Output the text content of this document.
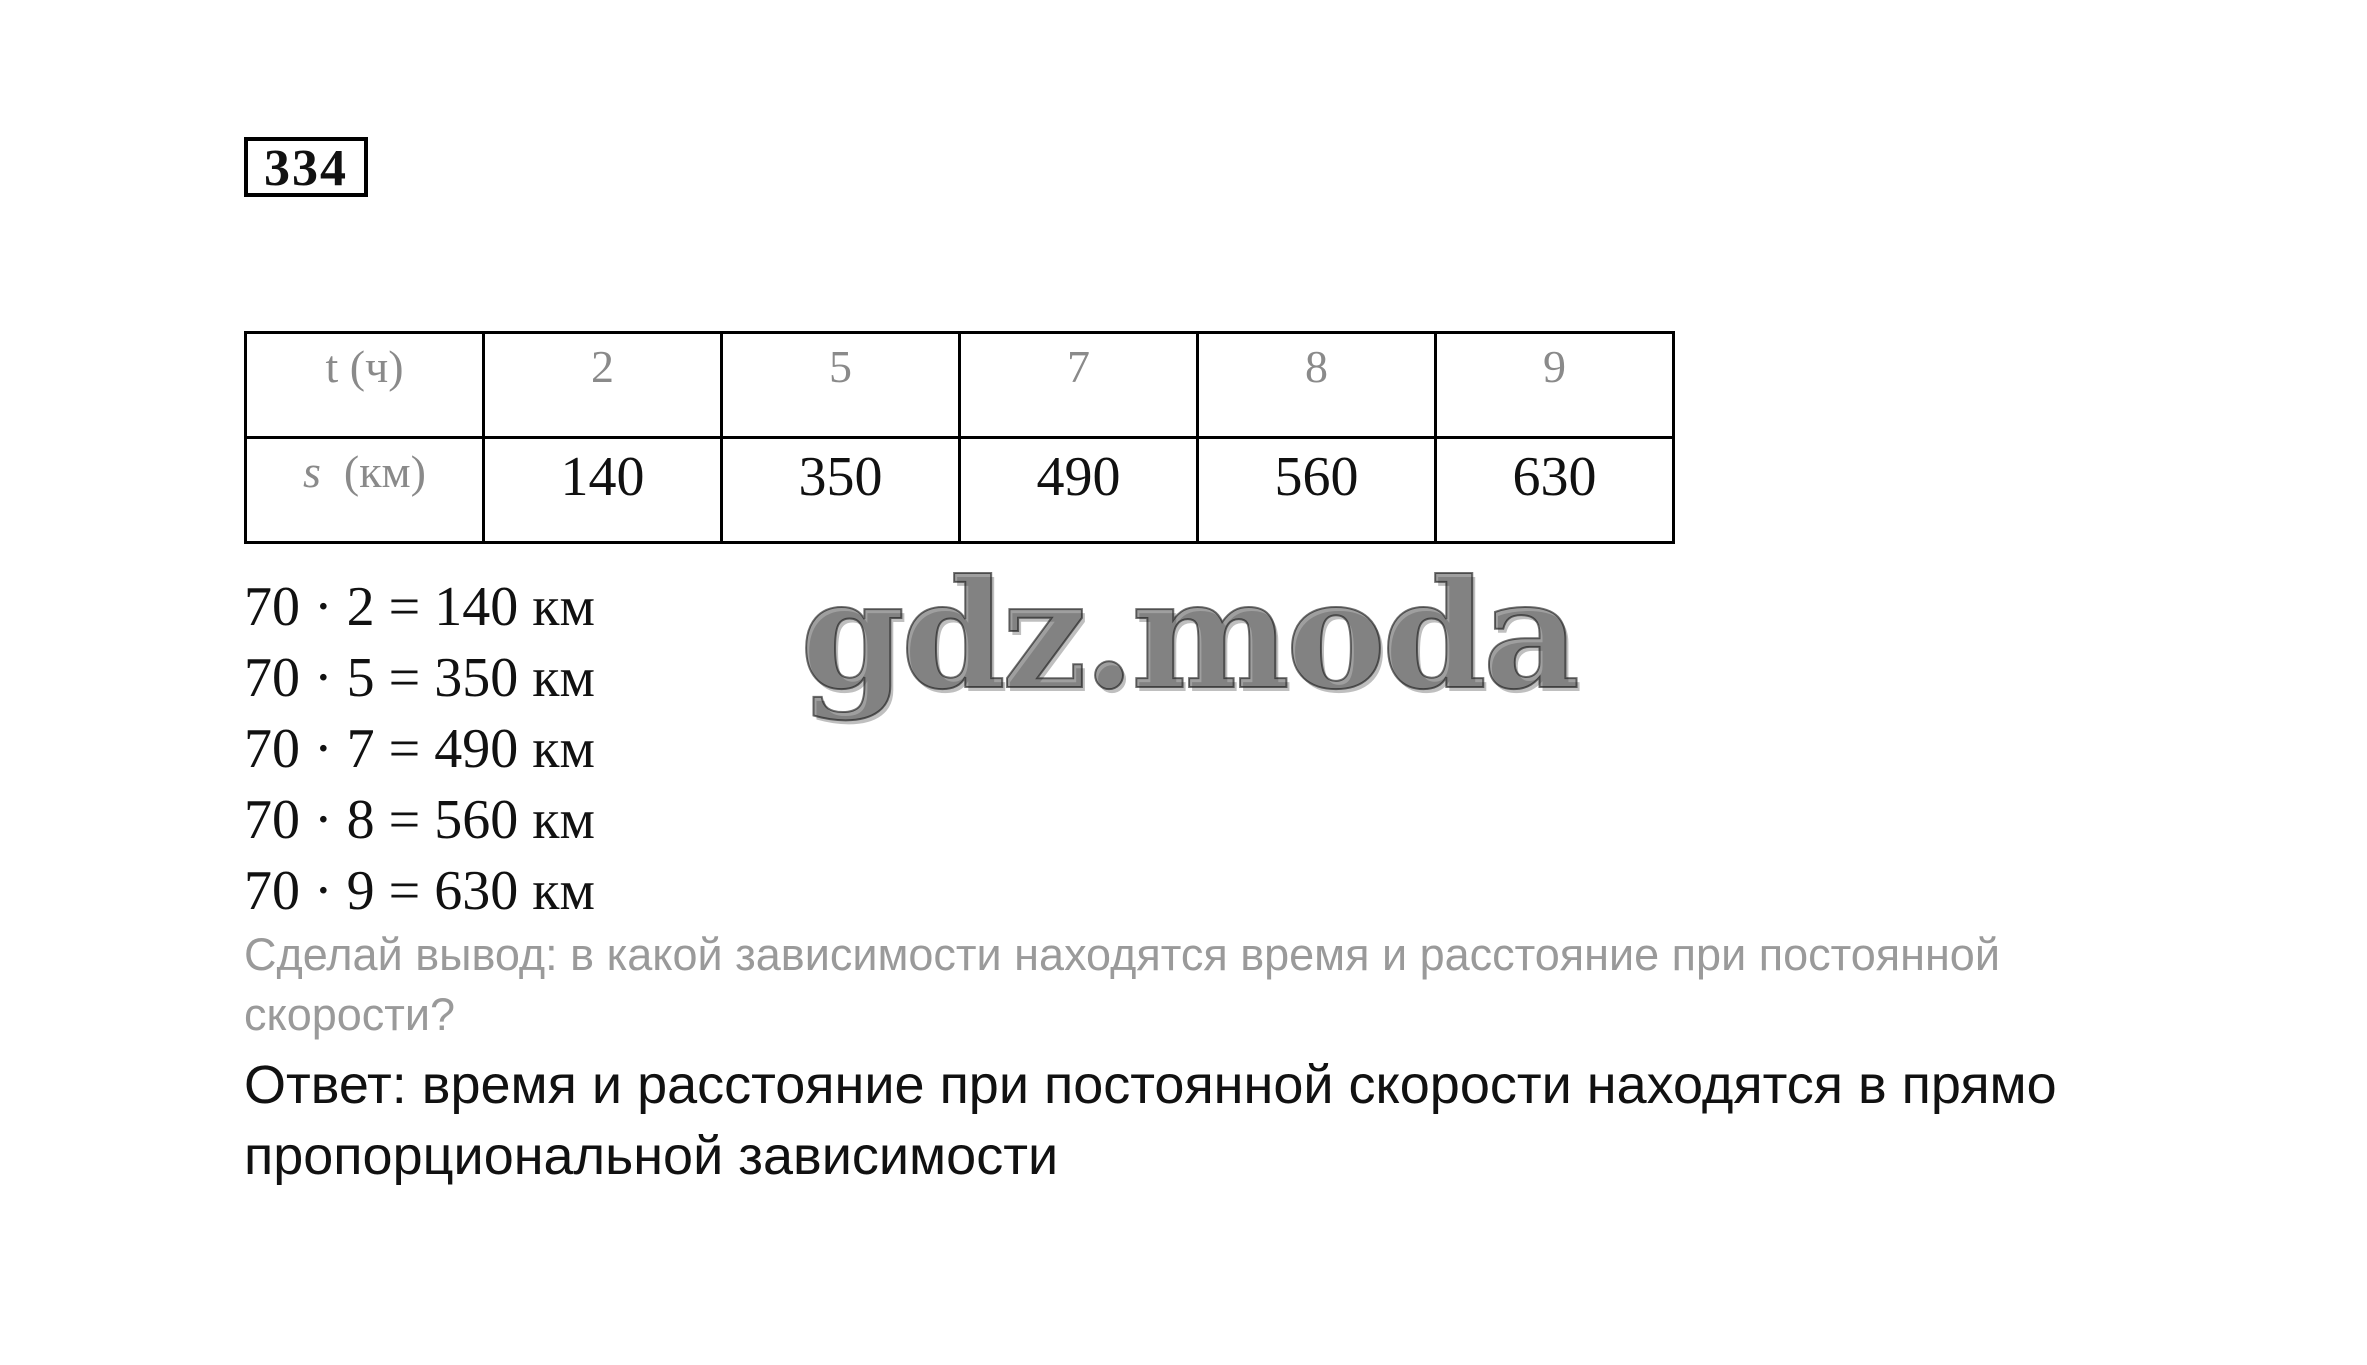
334
t (ч)	2	5	7	8	9
s (км)	140	350	490	560	630
70 · 2 = 140 км
70 · 5 = 350 км
70 · 7 = 490 км
70 · 8 = 560 км
70 · 9 = 630 км
gdz.moda
Сделай вывод: в какой зависимости находятся время и расстояние при постоянной
скорости?
Ответ: время и расстояние при постоянной скорости находятся в прямо
пропорциональной зависимости
